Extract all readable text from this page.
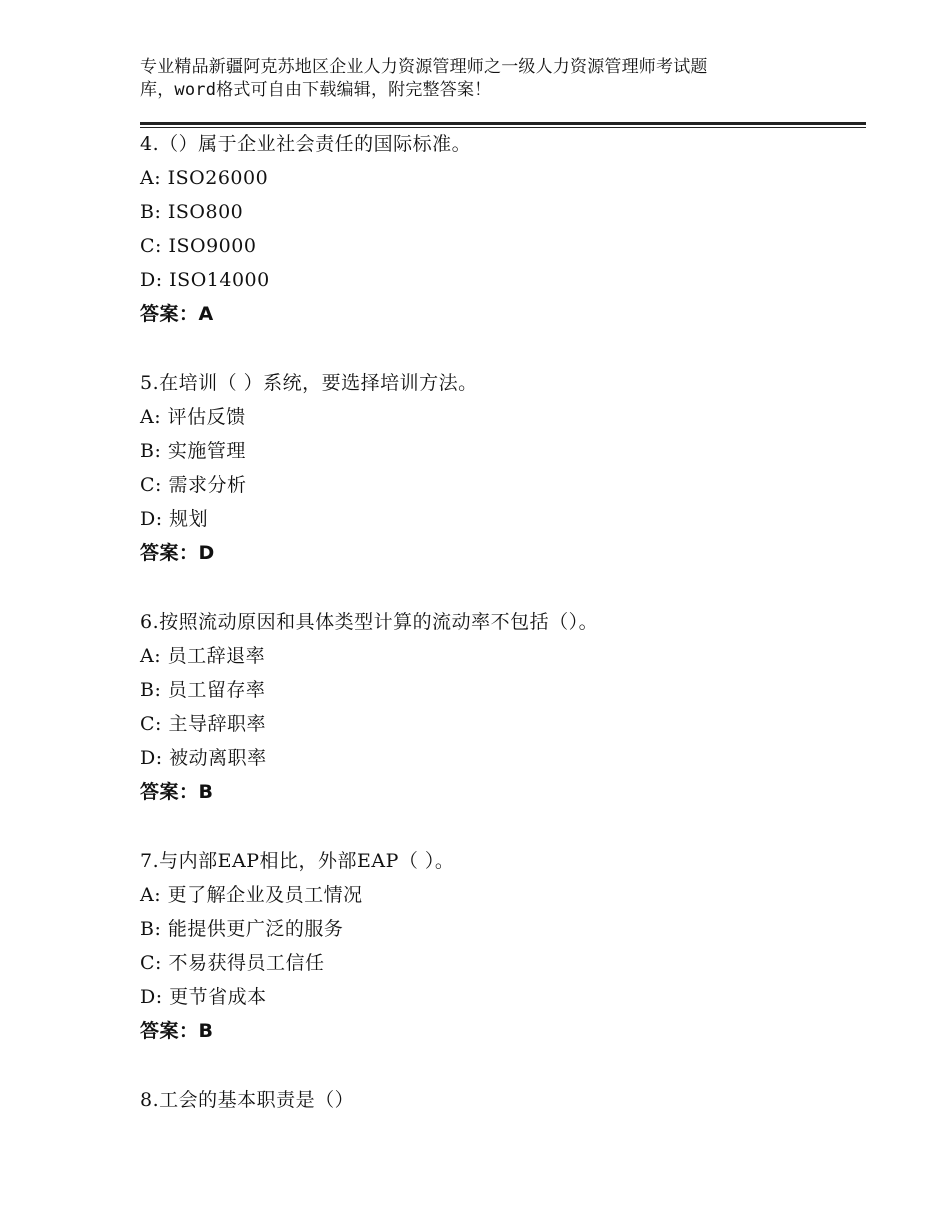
专业精品新疆阿克苏地区企业人力资源管理师之一级人力资源管理师考试题
库，word格式可自由下载编辑，附完整答案！
4.（）属于企业社会责任的国际标准。
A: ISO26000
B: ISO800
C: ISO9000
D: ISO14000
答案：A
5.在培训（ ）系统，要选择培训方法。
A: 评估反馈
B: 实施管理
C: 需求分析
D: 规划
答案：D
6.按照流动原因和具体类型计算的流动率不包括（）。
A: 员工辞退率
B: 员工留存率
C: 主导辞职率
D: 被动离职率
答案：B
7.与内部EAP相比，外部EAP（ ）。
A: 更了解企业及员工情况
B: 能提供更广泛的服务
C: 不易获得员工信任
D: 更节省成本
答案：B
8.工会的基本职责是（）
